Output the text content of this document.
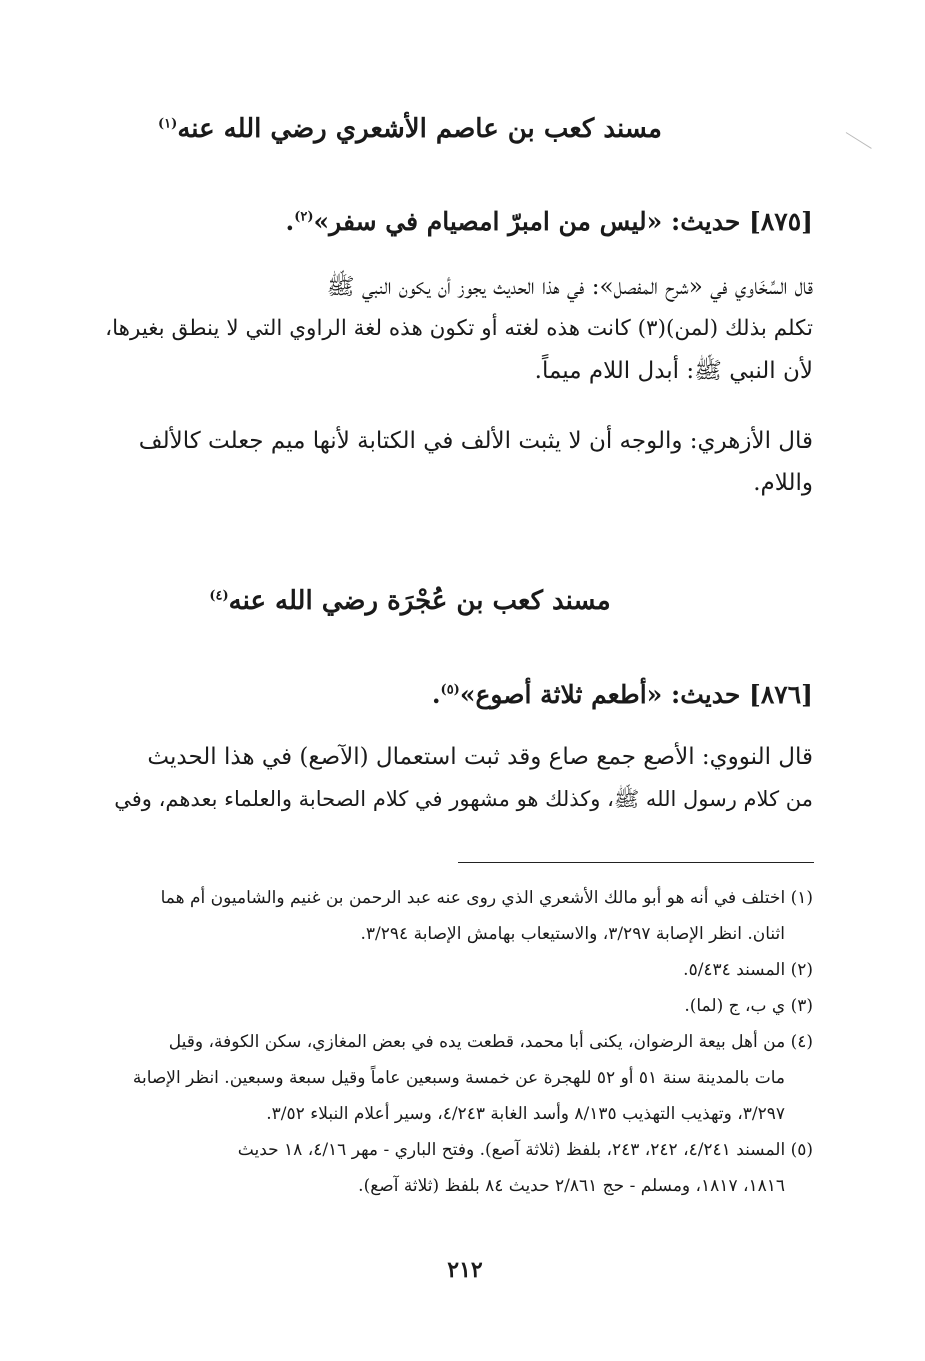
مسند كعب بن عاصم الأشعري رضي الله عنه$^{(١)}$
[٨٧٥] حديث: «ليس من امبرّ امصيام في سفر»$^{(٢)}$.
قال السِّخَاوي في «شرح المفصل»: في هذا الحديث يجوز أن يكون النبي ﷺ
تكلم بذلك (لمن)(٣) كانت هذه لغته أو تكون هذه لغة الراوي التي لا ينطق بغيرها،
لأن النبي ﷺ: أبدل اللام ميماً.
قال الأزهري: والوجه أن لا يثبت الألف في الكتابة لأنها ميم جعلت كالألف
واللام.
مسند كعب بن عُجْرَة رضي الله عنه$^{(٤)}$
[٨٧٦] حديث: «أطعم ثلاثة أصوع»$^{(٥)}$.
قال النووي: الأصع جمع صاع وقد ثبت استعمال (الآصع) في هذا الحديث
من كلام رسول الله ﷺ، وكذلك هو مشهور في كلام الصحابة والعلماء بعدهم، وفي
(١) اختلف في أنه هو أبو مالك الأشعري الذي روى عنه عبد الرحمن بن غنيم والشاميون أم هما
اثنان. انظر الإصابة ٣/٢٩٧، والاستيعاب بهامش الإصابة ٣/٢٩٤.
(٢) المسند ٥/٤٣٤.
(٣) ي ب، ج (لما).
(٤) من أهل بيعة الرضوان، يكنى أبا محمد، قطعت يده في بعض المغازي، سكن الكوفة، وقيل
مات بالمدينة سنة ٥١ أو ٥٢ للهجرة عن خمسة وسبعين عاماً وقيل سبعة وسبعين. انظر الإصابة
٣/٢٩٧، وتهذيب التهذيب ٨/١٣٥ وأسد الغابة ٤/٢٤٣، وسير أعلام النبلاء ٣/٥٢.
(٥) المسند ٤/٢٤١، ٢٤٢، ٢٤٣، بلفظ (ثلاثة آصع). وفتح الباري - مهر ٤/١٦، ١٨ حديث
١٨١٦، ١٨١٧، ومسلم - حج ٢/٨٦١ حديث ٨٤ بلفظ (ثلاثة آصع).
٢١٢
